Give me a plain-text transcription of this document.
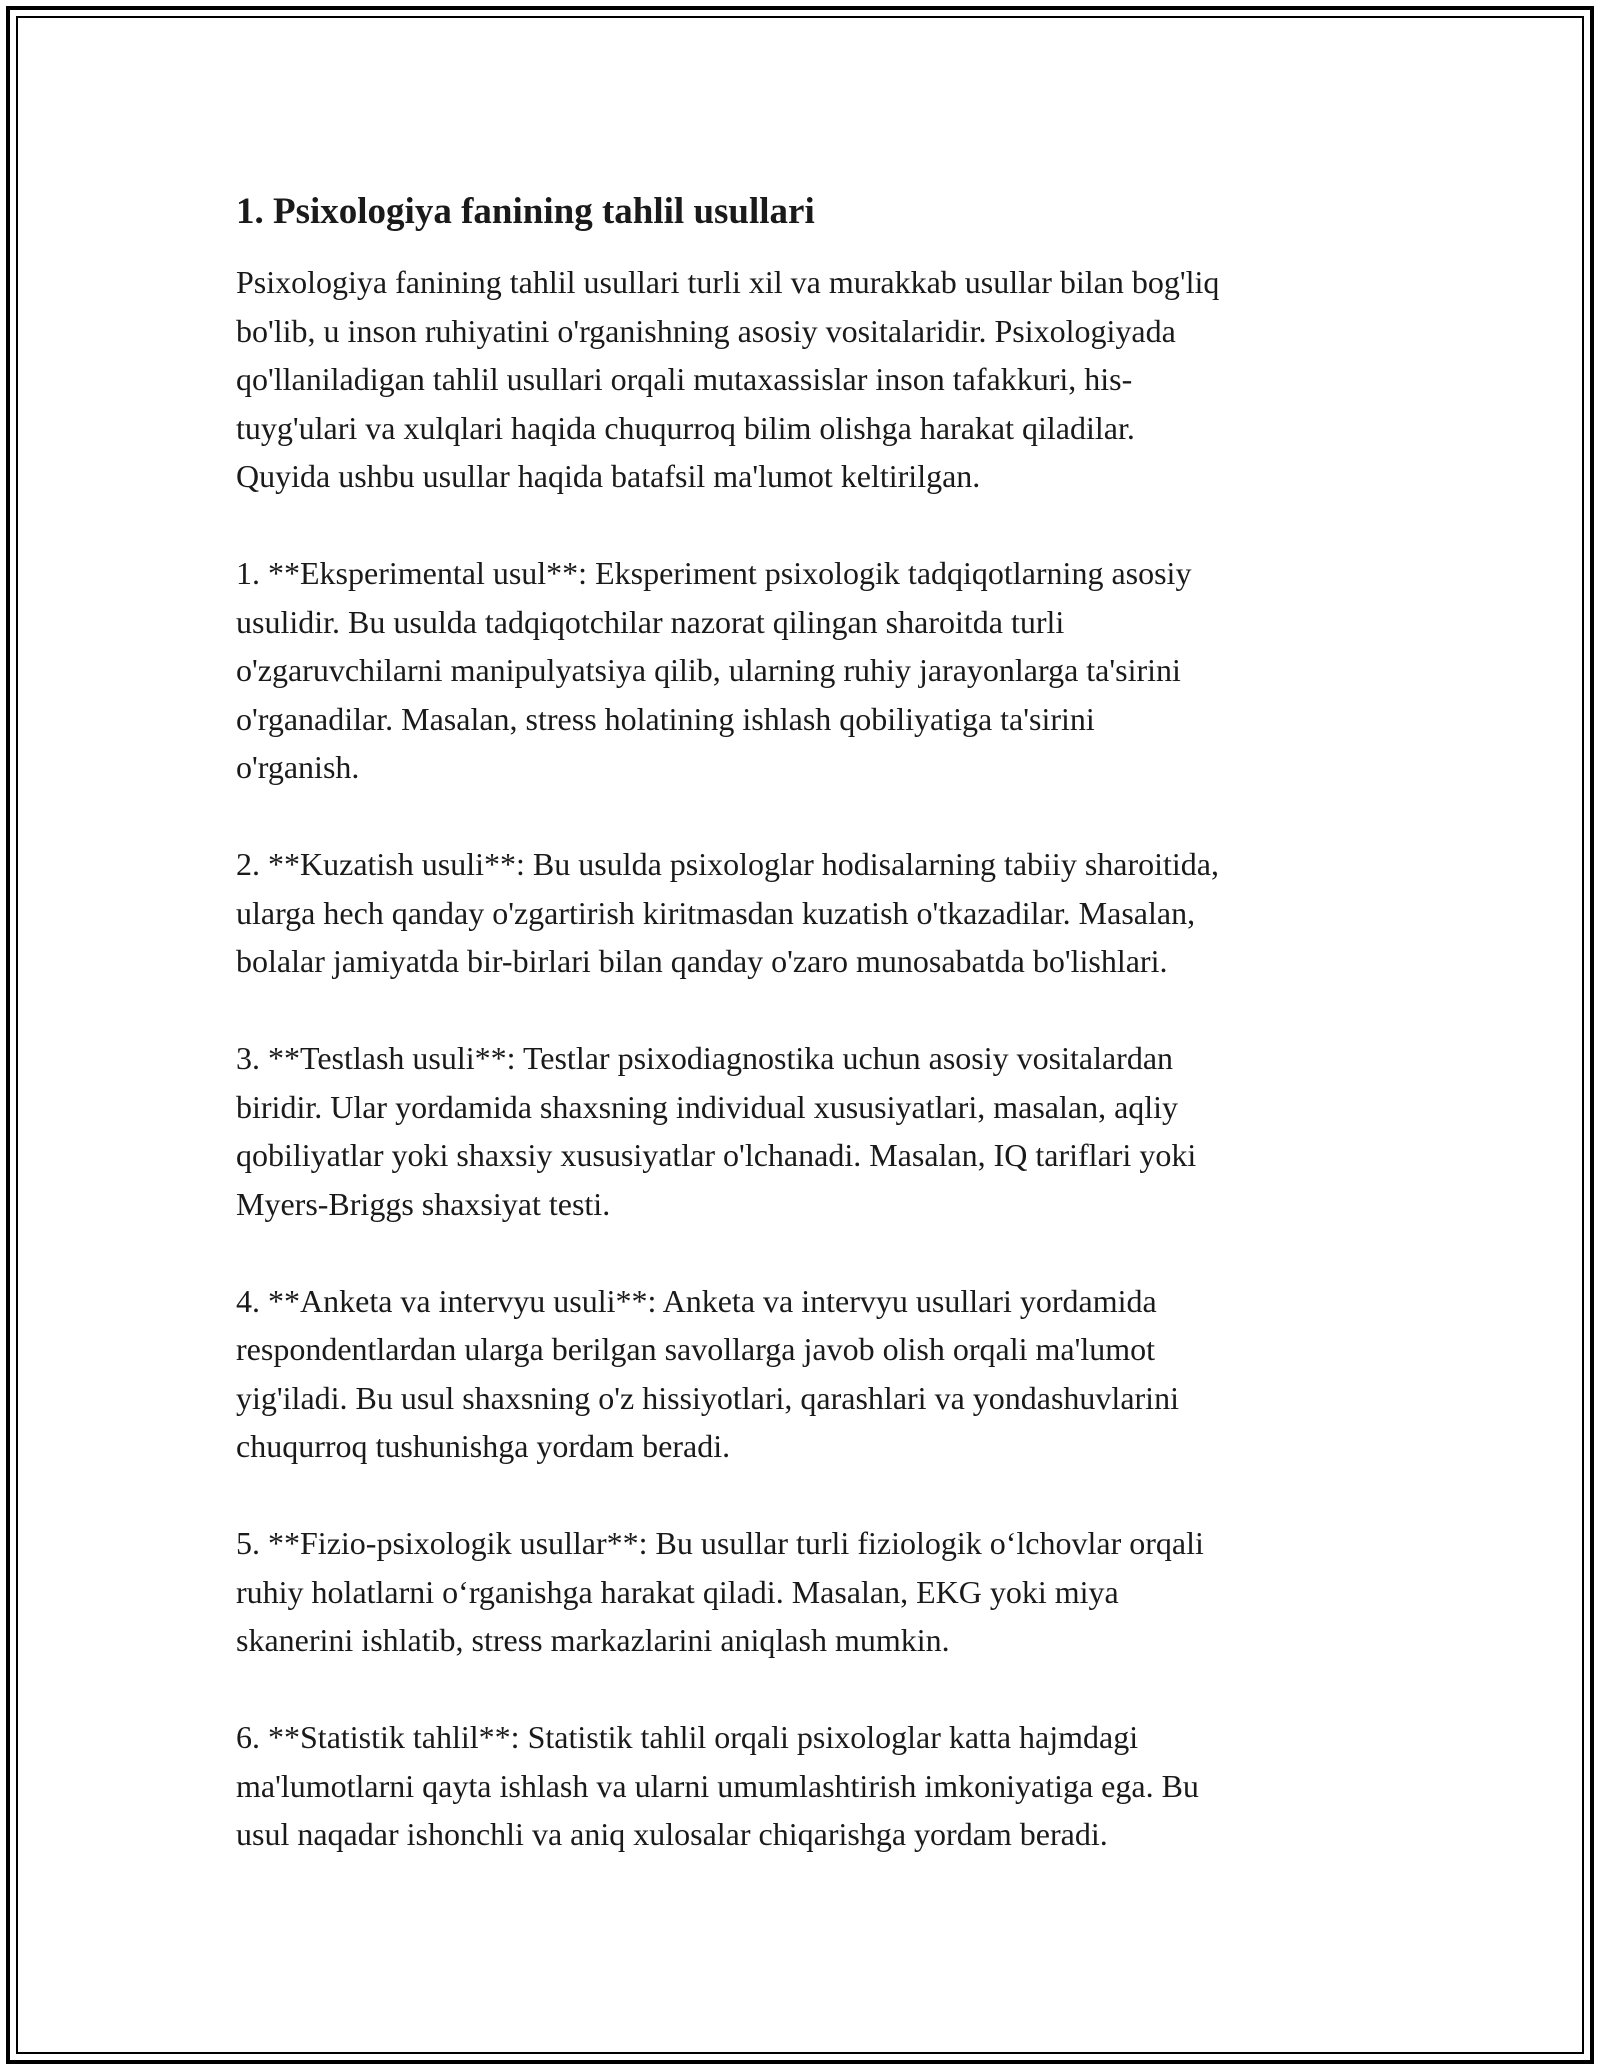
1. Psixologiya fanining tahlil usullari

Psixologiya fanining tahlil usullari turli xil va murakkab usullar bilan bog'liq
bo'lib, u inson ruhiyatini o'rganishning asosiy vositalaridir. Psixologiyada
qo'llaniladigan tahlil usullari orqali mutaxassislar inson tafakkuri, his-
tuyg'ulari va xulqlari haqida chuqurroq bilim olishga harakat qiladilar.
Quyida ushbu usullar haqida batafsil ma'lumot keltirilgan.

1. **Eksperimental usul**: Eksperiment psixologik tadqiqotlarning asosiy
usulidir. Bu usulda tadqiqotchilar nazorat qilingan sharoitda turli
o'zgaruvchilarni manipulyatsiya qilib, ularning ruhiy jarayonlarga ta'sirini
o'rganadilar. Masalan, stress holatining ishlash qobiliyatiga ta'sirini
o'rganish.

2. **Kuzatish usuli**: Bu usulda psixologlar hodisalarning tabiiy sharoitida,
ularga hech qanday o'zgartirish kiritmasdan kuzatish o'tkazadilar. Masalan,
bolalar jamiyatda bir-birlari bilan qanday o'zaro munosabatda bo'lishlari.

3. **Testlash usuli**: Testlar psixodiagnostika uchun asosiy vositalardan
biridir. Ular yordamida shaxsning individual xususiyatlari, masalan, aqliy
qobiliyatlar yoki shaxsiy xususiyatlar o'lchanadi. Masalan, IQ tariflari yoki
Myers-Briggs shaxsiyat testi.

4. **Anketa va intervyu usuli**: Anketa va intervyu usullari yordamida
respondentlardan ularga berilgan savollarga javob olish orqali ma'lumot
yig'iladi. Bu usul shaxsning o'z hissiyotlari, qarashlari va yondashuvlarini
chuqurroq tushunishga yordam beradi.

5. **Fizio-psixologik usullar**: Bu usullar turli fiziologik o‘lchovlar orqali
ruhiy holatlarni o‘rganishga harakat qiladi. Masalan, EKG yoki miya
skanerini ishlatib, stress markazlarini aniqlash mumkin.

6. **Statistik tahlil**: Statistik tahlil orqali psixologlar katta hajmdagi
ma'lumotlarni qayta ishlash va ularni umumlashtirish imkoniyatiga ega. Bu
usul naqadar ishonchli va aniq xulosalar chiqarishga yordam beradi.
